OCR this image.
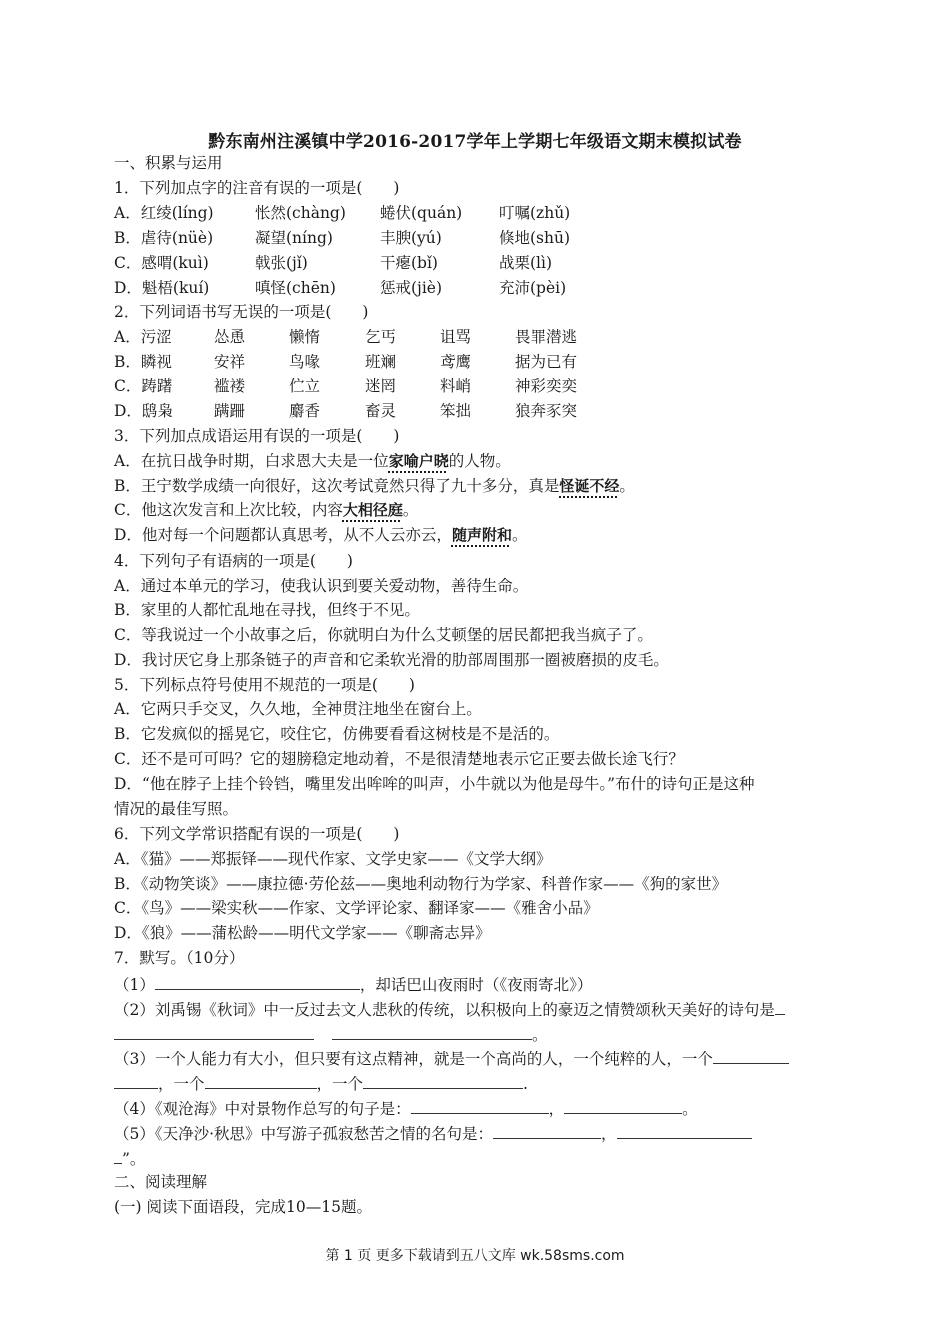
黔东南州注溪镇中学2016-2017学年上学期七年级语文期末模拟试卷
一、积累与运用
1．下列加点字的注音有误的一项是(　　)
A．红绫(líng)	怅然(chàng)	蜷伏(quán)	叮嘱(zhǔ)
B．虐待(nüè)	凝望(níng)	丰腴(yú)	倏地(shū)
C．感喟(kuì)	戟张(jǐ)	干瘪(bǐ)	战栗(lì)
D．魁梧(kuí)	嗔怪(chēn)	惩戒(jiè)	充沛(pèi)
2．下列词语书写无误的一项是(　　)
A．污涩	怂恿	懒惰	乞丐	诅骂	畏罪潜逃
B．瞵视	安祥	鸟喙	班斓	鸢鹰	据为已有
C．踌躇	褴褛	伫立	迷罔	料峭	神彩奕奕
D．鸱枭	蹒跚	麝香	畜灵	笨拙	狼奔豕突
3．下列加点成语运用有误的一项是(　　)
A．在抗日战争时期，白求恩大夫是一位家喻户晓的人物。
B．王宁数学成绩一向很好，这次考试竟然只得了九十多分，真是怪诞不经。
C．他这次发言和上次比较，内容大相径庭。
D．他对每一个问题都认真思考，从不人云亦云，随声附和。
4．下列句子有语病的一项是(　　)
A．通过本单元的学习，使我认识到要关爱动物，善待生命。
B．家里的人都忙乱地在寻找，但终于不见。
C．等我说过一个小故事之后，你就明白为什么艾顿堡的居民都把我当疯子了。
D．我讨厌它身上那条链子的声音和它柔软光滑的肋部周围那一圈被磨损的皮毛。
5．下列标点符号使用不规范的一项是(　　)
A．它两只手交叉，久久地，全神贯注地坐在窗台上。
B．它发疯似的摇晃它，咬住它，仿佛要看看这树枝是不是活的。
C．还不是可可吗？它的翅膀稳定地动着，不是很清楚地表示它正要去做长途飞行？
D．“他在脖子上挂个铃铛，嘴里发出哞哞的叫声，小牛就以为他是母牛。”布什的诗句正是这种
情况的最佳写照。
6．下列文学常识搭配有误的一项是(　　)
A．《猫》——郑振铎——现代作家、文学史家——《文学大纲》
B．《动物笑谈》——康拉德·劳伦兹——奥地利动物行为学家、科普作家——《狗的家世》
C．《鸟》——梁实秋——作家、文学评论家、翻译家——《雅舍小品》
D．《狼》——蒲松龄——明代文学家——《聊斋志异》
7．默写。（10分）
（1）	，却话巴山夜雨时（《夜雨寄北》）
（2）刘禹锡《秋词》中一反过去文人悲秋的传统，以积极向上的豪迈之情赞颂秋天美好的诗句是
。
（3）一个人能力有大小，但只要有这点精神，就是一个高尚的人，一个纯粹的人，一个
，一个	，一个	.
（4）《观沧海》中对景物作总写的句子是：	，	。
（5）《天净沙·秋思》中写游子孤寂愁苦之情的名句是：	，
”。
二、阅读理解
(一) 阅读下面语段，完成10—15题。
第 1 页 更多下载请到五八文库 wk.58sms.com
